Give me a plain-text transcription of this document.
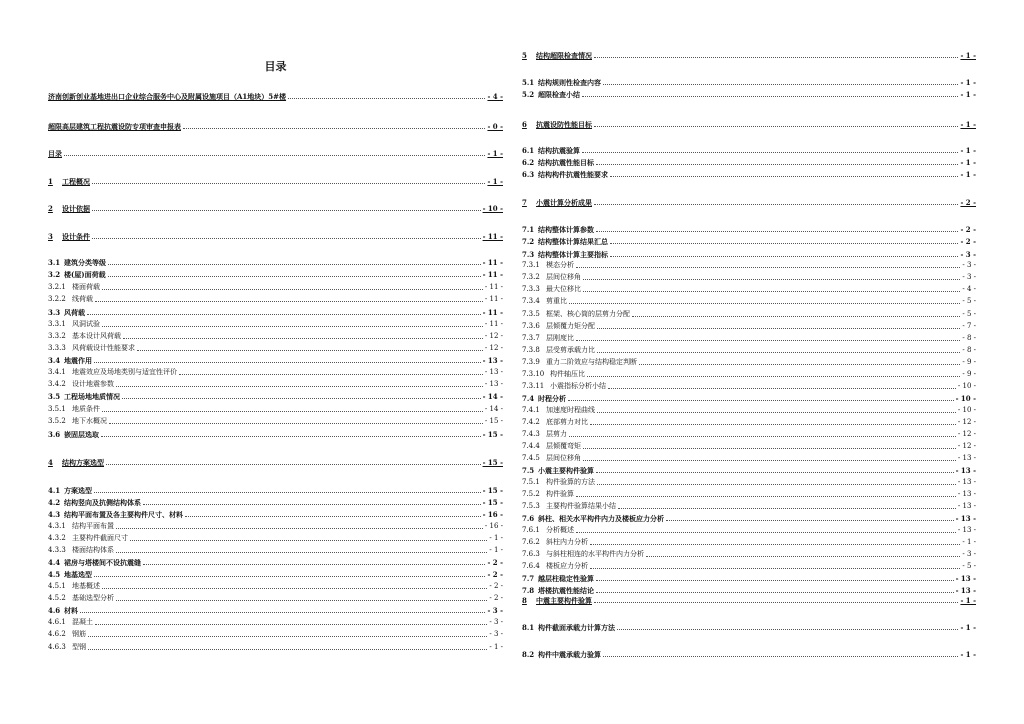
目录
济南创新创业基地进出口企业综合服务中心及附属设施项目（A1地块）5#楼	- 4 -
超限高层建筑工程抗震设防专项审查申报表	- 0 -
目录	- 1 -
1	工程概况	- 1 -
2	设计依据	- 10 -
3	设计条件	- 11 -
3.1 建筑分类等级	- 11 -
3.2 楼(屋)面荷载	- 11 -
3.2.1 楼面荷载	- 11 -
3.2.2 线荷载	- 11 -
3.3 风荷载	- 11 -
3.3.1 风洞试验	- 11 -
3.3.2 基本设计风荷载	- 12 -
3.3.3 风荷载设计性能要求	- 12 -
3.4 地震作用	- 13 -
3.4.1 地震效应及场地类别与适宜性评价	- 13 -
3.4.2 设计地震参数	- 13 -
3.5 工程场地地质情况	- 14 -
3.5.1 地质条件	- 14 -
3.5.2 地下水概况	- 15 -
3.6 嵌固层选取	- 15 -
4	结构方案选型	- 15 -
4.1 方案选型	- 15 -
4.2 结构竖向及抗侧结构体系	- 15 -
4.3 结构平面布置及各主要构件尺寸、材料	- 16 -
4.3.1 结构平面布置	- 16 -
4.3.2 主要构件截面尺寸	- 1 -
4.3.3 楼面结构体系	- 1 -
4.4 裙房与塔楼间不设抗震缝	- 2 -
4.5 地基选型	- 2 -
4.5.1 地基概述	- 2 -
4.5.2 基础选型分析	- 2 -
4.6 材料	- 3 -
4.6.1 混凝土	- 3 -
4.6.2 钢筋	- 3 -
4.6.3 型钢	- 1 -
5	结构超限检查情况	- 1 -
5.1 结构规则性检查内容	- 1 -
5.2 超限检查小结	- 1 -
6	抗震设防性能目标	- 1 -
6.1 结构抗震验算	- 1 -
6.2 结构抗震性能目标	- 1 -
6.3 结构构件抗震性能要求	- 1 -
7	小震计算分析成果	- 2 -
7.1 结构整体计算参数	- 2 -
7.2 结构整体计算结果汇总	- 2 -
7.3 结构整体计算主要指标	- 3 -
7.3.1 模态分析	- 3 -
7.3.2 层间位移角	- 3 -
7.3.3 最大位移比	- 4 -
7.3.4 剪重比	- 5 -
7.3.5 框架、核心筒的层剪力分配	- 5 -
7.3.6 层倾覆力矩分配	- 7 -
7.3.7 层刚度比	- 8 -
7.3.8 层受剪承载力比	- 8 -
7.3.9 重力二阶效应与结构稳定判断	- 9 -
7.3.10 构件轴压比	- 9 -
7.3.11 小震指标分析小结	- 10 -
7.4 时程分析	- 10 -
7.4.1 加速度时程曲线	- 10 -
7.4.2 底部剪力对比	- 12 -
7.4.3 层剪力	- 12 -
7.4.4 层倾覆弯矩	- 12 -
7.4.5 层间位移角	- 13 -
7.5 小震主要构件验算	- 13 -
7.5.1 构件验算的方法	- 13 -
7.5.2 构件验算	- 13 -
7.5.3 主要构件验算结果小结	- 13 -
7.6 斜柱、相关水平构件内力及楼板应力分析	- 13 -
7.6.1 分析概述	- 13 -
7.6.2 斜柱内力分析	- 1 -
7.6.3 与斜柱相连的水平构件内力分析	- 3 -
7.6.4 楼板应力分析	- 5 -
7.7 越层柱稳定性验算	- 13 -
7.8 塔楼抗震性能结论	- 13 -
8	中震主要构件验算	- 1 -
8.1 构件截面承载力计算方法	- 1 -
8.2 构件中震承载力验算	- 1 -
